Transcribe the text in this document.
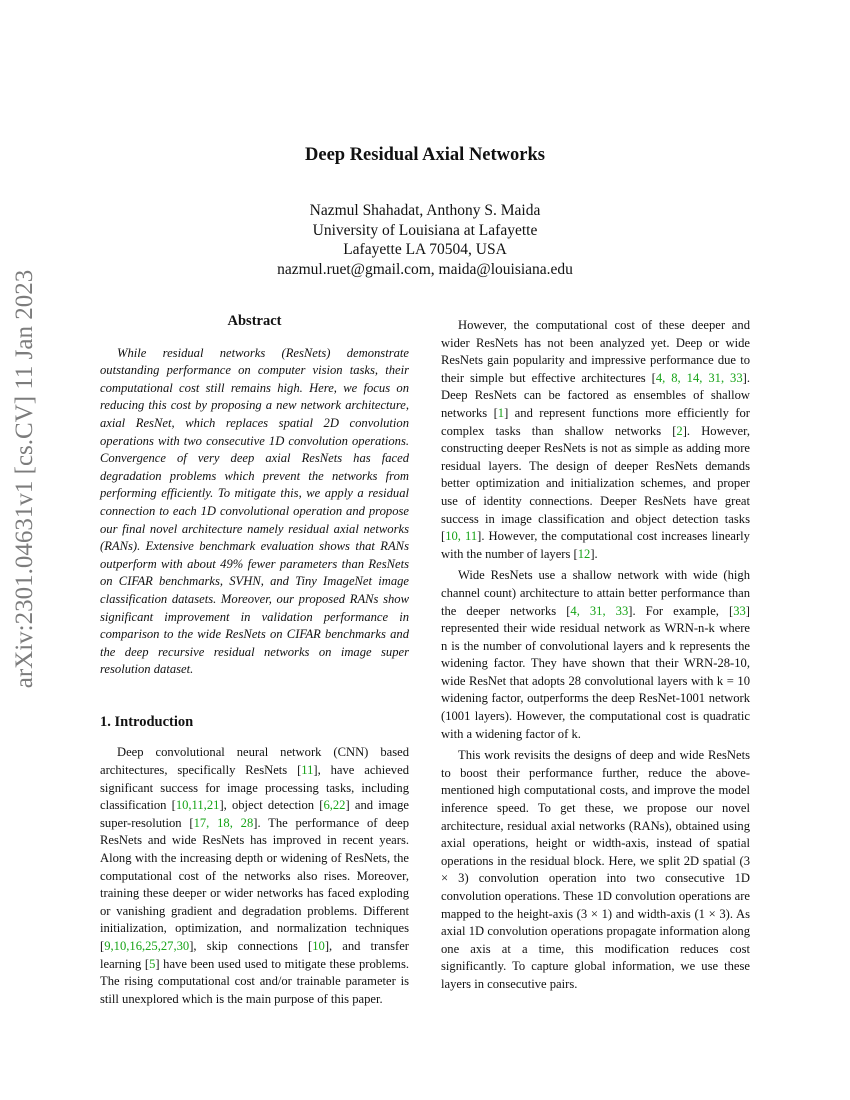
arXiv:2301.04631v1 [cs.CV] 11 Jan 2023
Deep Residual Axial Networks
Nazmul Shahadat, Anthony S. Maida
University of Louisiana at Lafayette
Lafayette LA 70504, USA
nazmul.ruet@gmail.com, maida@louisiana.edu
Abstract

While residual networks (ResNets) demonstrate outstanding performance on computer vision tasks, their computational cost still remains high. Here, we focus on reducing this cost by proposing a new network architecture, axial ResNet, which replaces spatial 2D convolution operations with two consecutive 1D convolution operations. Convergence of very deep axial ResNets has faced degradation problems which prevent the networks from performing efficiently. To mitigate this, we apply a residual connection to each 1D convolutional operation and propose our final novel architecture namely residual axial networks (RANs). Extensive benchmark evaluation shows that RANs outperform with about 49% fewer parameters than ResNets on CIFAR benchmarks, SVHN, and Tiny ImageNet image classification datasets. Moreover, our proposed RANs show significant improvement in validation performance in comparison to the wide ResNets on CIFAR benchmarks and the deep recursive residual networks on image super resolution dataset.

1. Introduction

Deep convolutional neural network (CNN) based architectures, specifically ResNets [11], have achieved significant success for image processing tasks, including classification [10,11,21], object detection [6,22] and image super-resolution [17, 18, 28]. The performance of deep ResNets and wide ResNets has improved in recent years. Along with the increasing depth or widening of ResNets, the computational cost of the networks also rises. Moreover, training these deeper or wider networks has faced exploding or vanishing gradient and degradation problems. Different initialization, optimization, and normalization techniques [9,10,16,25,27,30], skip connections [10], and transfer learning [5] have been used used to mitigate these problems. The rising computational cost and/or trainable parameter is still unexplored which is the main purpose of this paper.

However, the computational cost of these deeper and wider ResNets has not been analyzed yet. Deep or wide ResNets gain popularity and impressive performance due to their simple but effective architectures [4, 8, 14, 31, 33]. Deep ResNets can be factored as ensembles of shallow networks [1] and represent functions more efficiently for complex tasks than shallow networks [2]. However, constructing deeper ResNets is not as simple as adding more residual layers. The design of deeper ResNets demands better optimization and initialization schemes, and proper use of identity connections. Deeper ResNets have great success in image classification and object detection tasks [10, 11]. However, the computational cost increases linearly with the number of layers [12].

Wide ResNets use a shallow network with wide (high channel count) architecture to attain better performance than the deeper networks [4, 31, 33]. For example, [33] represented their wide residual network as WRN-n-k where n is the number of convolutional layers and k represents the widening factor. They have shown that their WRN-28-10, wide ResNet that adopts 28 convolutional layers with k = 10 widening factor, outperforms the deep ResNet-1001 network (1001 layers). However, the computational cost is quadratic with a widening factor of k.

This work revisits the designs of deep and wide ResNets to boost their performance further, reduce the above-mentioned high computational costs, and improve the model inference speed. To get these, we propose our novel architecture, residual axial networks (RANs), obtained using axial operations, height or width-axis, instead of spatial operations in the residual block. Here, we split 2D spatial (3 × 3) convolution operation into two consecutive 1D convolution operations. These 1D convolution operations are mapped to the height-axis (3 × 1) and width-axis (1 × 3). As axial 1D convolution operations propagate information along one axis at a time, this modification reduces cost significantly. To capture global information, we use these layers in consecutive pairs.
